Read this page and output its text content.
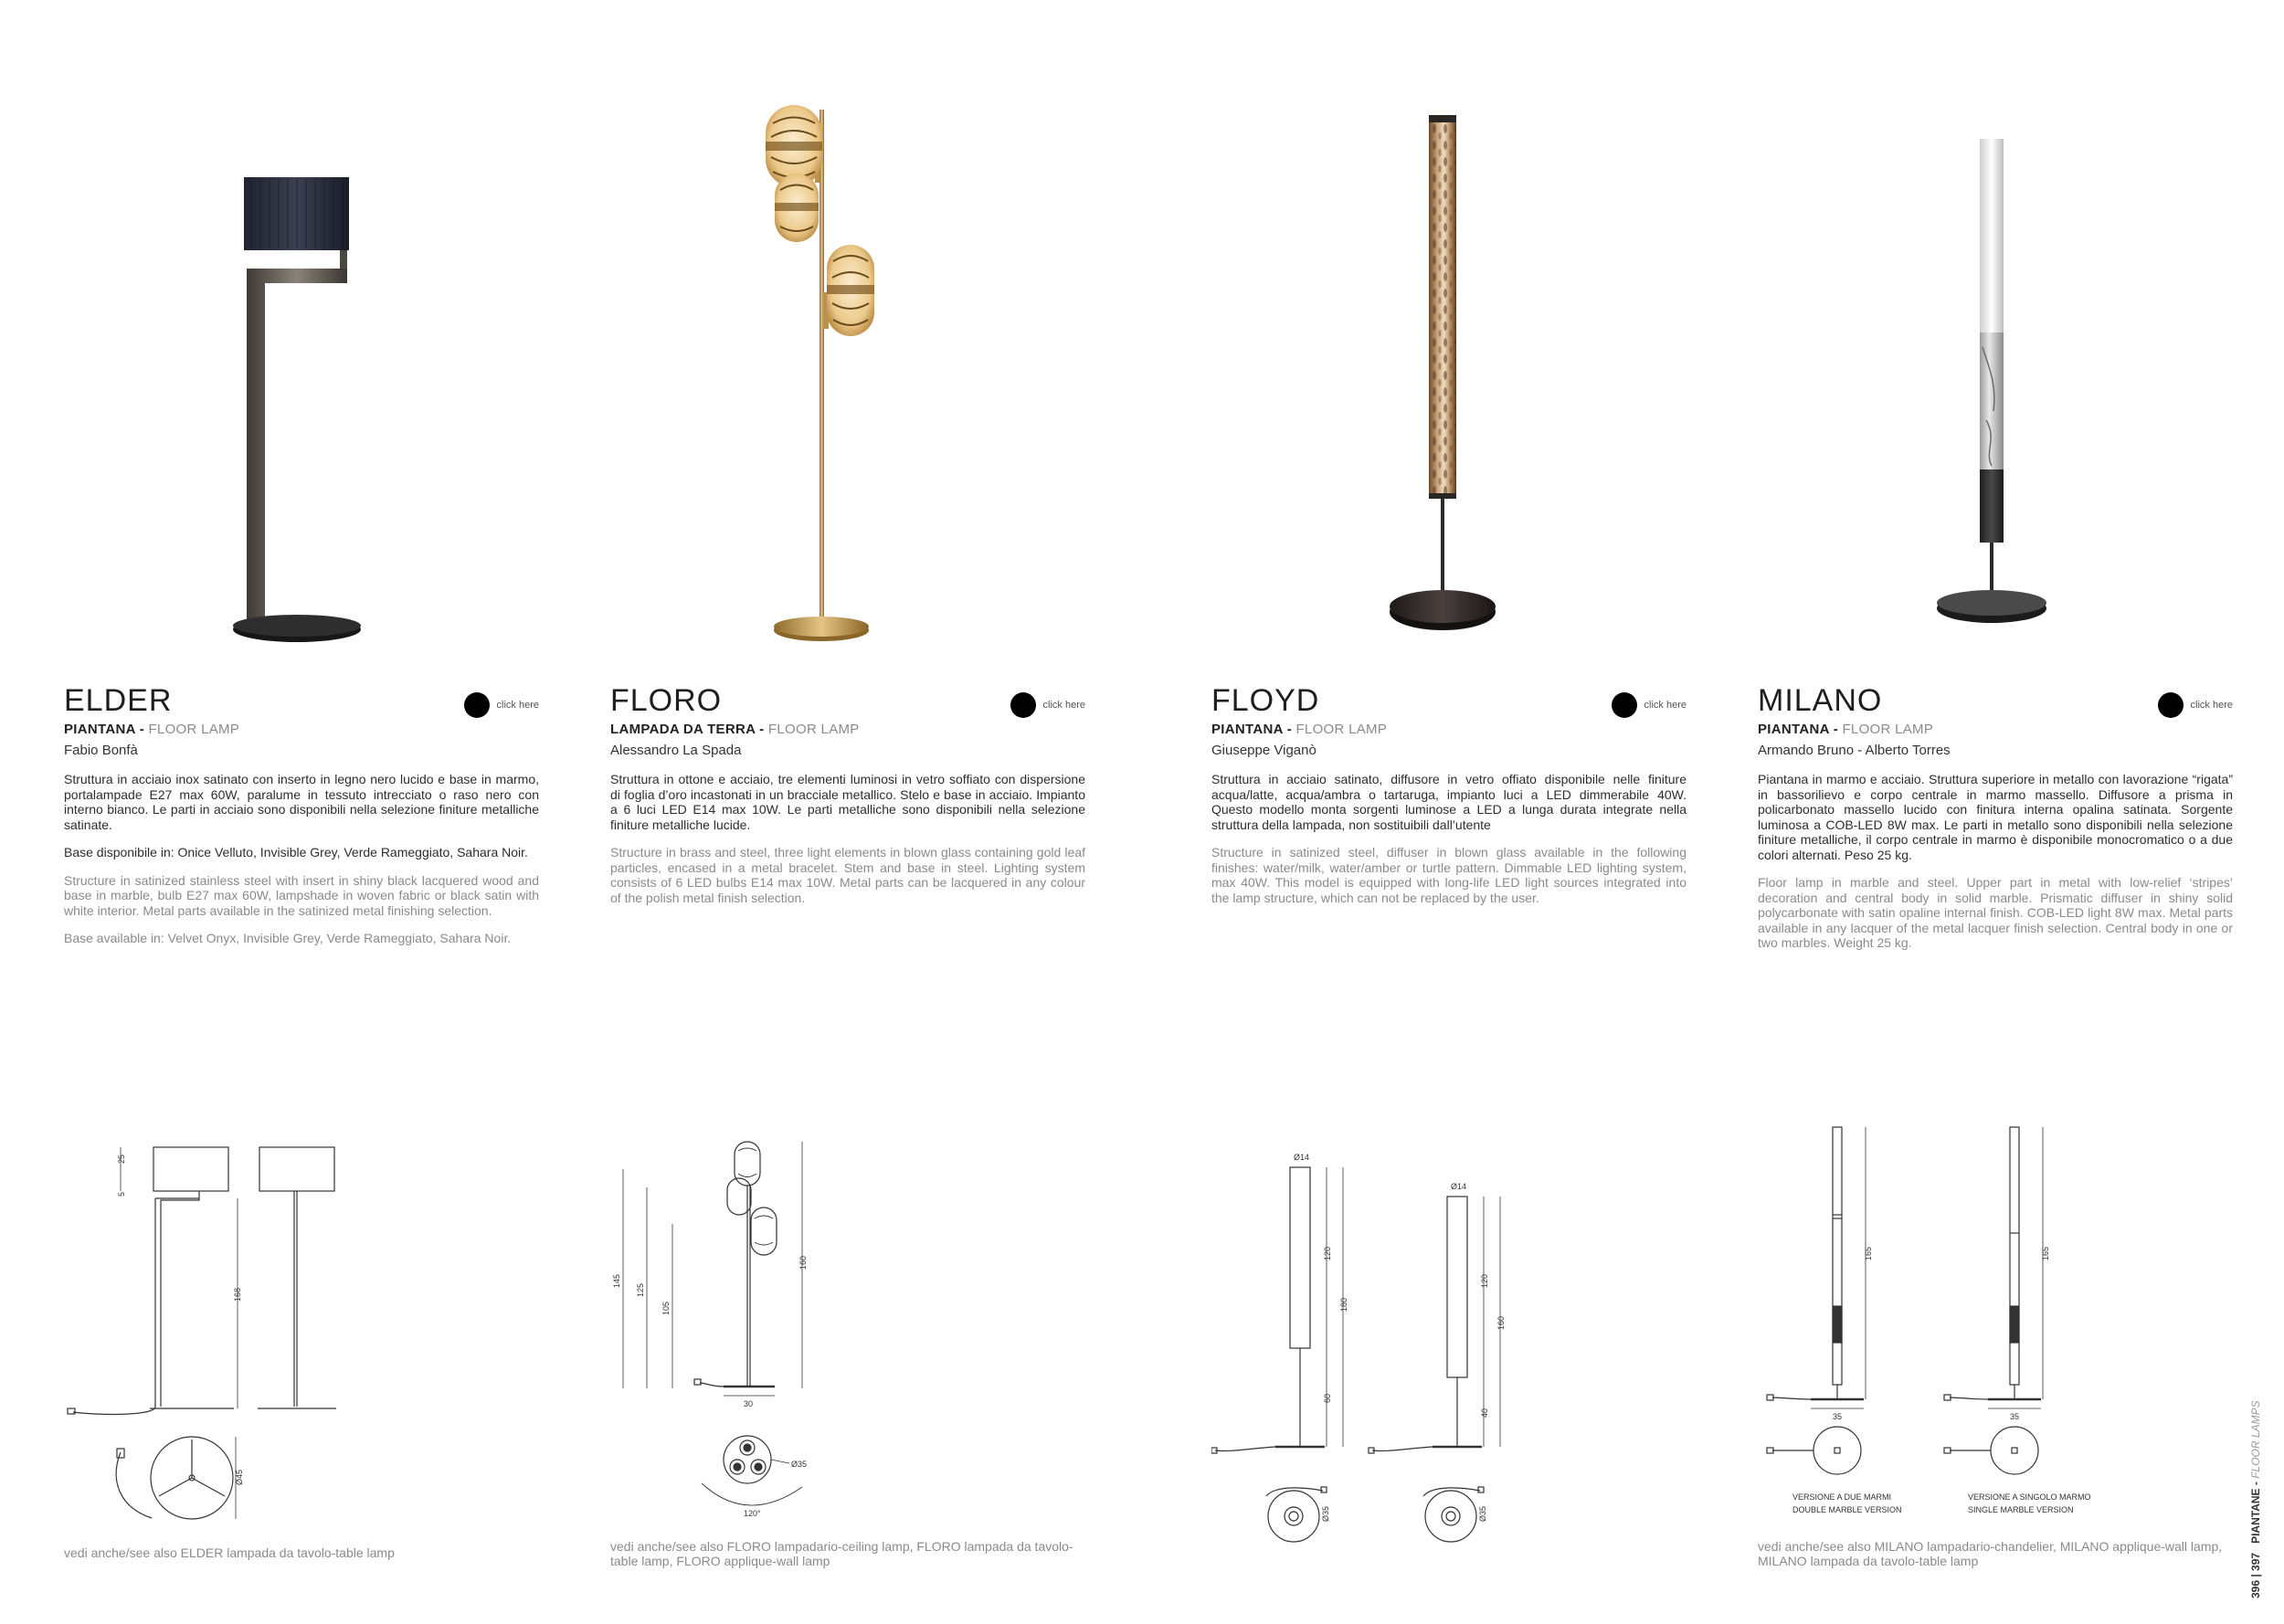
ELDER	click here
PIANTANA - FLOOR LAMP
Fabio Bonfà

Struttura in acciaio inox satinato con inserto in legno nero lucido e base in marmo, portalampade E27 max 60W, paralume in tessuto intrecciato o raso nero con interno bianco. Le parti in acciaio sono disponibili nella selezione finiture metalliche satinate.

Base disponibile in: Onice Velluto, Invisible Grey, Verde Rameggiato, Sahara Noir.

Structure in satinized stainless steel with insert in shiny black lacquered wood and base in marble, bulb E27 max 60W, lampshade in woven fabric or black satin with white interior. Metal parts available in the satinized metal finishing selection.

Base available in: Velvet Onyx, Invisible Grey, Verde Rameggiato, Sahara Noir.

168
25
5
Ø45
vedi anche/see also ELDER lampada da tavolo-table lamp
FLORO	click here
LAMPADA DA TERRA - FLOOR LAMP
Alessandro La Spada

Struttura in ottone e acciaio, tre elementi luminosi in vetro soffiato con dispersione di foglia d’oro incastonati in un bracciale metallico. Stelo e base in acciaio. Impianto a 6 luci LED E14 max 10W. Le parti metalliche sono disponibili nella selezione finiture metalliche lucide.

Structure in brass and steel, three light elements in blown glass containing gold leaf particles, encased in a metal bracelet. Stem and base in steel. Lighting system consists of 6 LED bulbs E14 max 10W. Metal parts can be lacquered in any colour of the polish metal finish selection.

145
125
105
160
30
Ø35
120°
vedi anche/see also FLORO lampadario-ceiling lamp, FLORO lampada da tavolo-table lamp, FLORO applique-wall lamp
FLOYD	click here
PIANTANA - FLOOR LAMP
Giuseppe Viganò

Struttura in acciaio satinato, diffusore in vetro offiato disponibile nelle finiture acqua/latte, acqua/ambra o tartaruga, impianto luci a LED dimmerabile 40W. Questo modello monta sorgenti luminose a LED a lunga durata integrate nella struttura della lampada, non sostituibili dall’utente

Structure in satinized steel, diffuser in blown glass available in the following finishes: water/milk, water/amber or turtle pattern. Dimmable LED lighting system, max 40W. This model is equipped with long-life LED light sources integrated into the lamp structure, which can not be replaced by the user.

Ø14
120
60
180
Ø14
120
40
160
Ø35	Ø35
MILANO	click here
PIANTANA - FLOOR LAMP
Armando Bruno - Alberto Torres

Piantana in marmo e acciaio. Struttura superiore in metallo con lavorazione “rigata” in bassorilievo e corpo centrale in marmo massello. Diffusore a prisma in policarbonato massello lucido con finitura interna opalina satinata. Sorgente luminosa a COB-LED 8W max. Le parti in metallo sono disponibili nella selezione finiture metalliche, il corpo centrale in marmo è disponibile monocromatico o a due colori alternati. Peso 25 kg.

Floor lamp in marble and steel. Upper part in metal with low-relief ‘stripes’ decoration and central body in solid marble. Prismatic diffuser in shiny solid polycarbonate with satin opaline internal finish. COB-LED light 8W max. Metal parts available in any lacquer of the metal lacquer finish selection. Central body in one or two marbles. Weight 25 kg.

165
35
VERSIONE A DUE MARMI
DOUBLE MARBLE VERSION
165
35
VERSIONE A SINGOLO MARMO
SINGLE MARBLE VERSION
vedi anche/see also MILANO lampadario-chandelier, MILANO applique-wall lamp, MILANO lampada da tavolo-table lamp	396 | 397   PIANTANE - FLOOR LAMPS
